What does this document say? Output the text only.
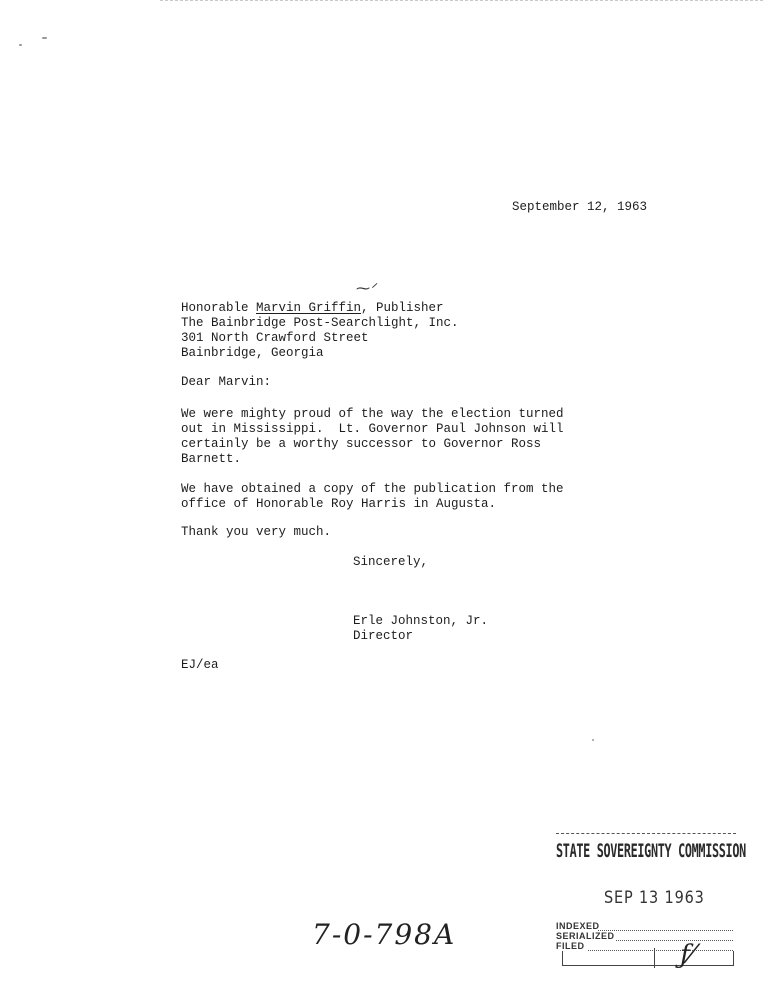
September 12, 1963
⁓ᐟ
Honorable Marvin Griffin, Publisher
The Bainbridge Post-Searchlight, Inc.
301 North Crawford Street
Bainbridge, Georgia
Dear Marvin:
We were mighty proud of the way the election turned
out in Mississippi.  Lt. Governor Paul Johnson will
certainly be a worthy successor to Governor Ross
Barnett.
We have obtained a copy of the publication from the
office of Honorable Roy Harris in Augusta.
Thank you very much.
Sincerely,
Erle Johnston, Jr.
Director
EJ/ea
7-0-798A
STATE SOVEREIGNTY COMMISSION
SEP 13 1963
INDEXED
SERIALIZED
FILED	ƒ⁄
